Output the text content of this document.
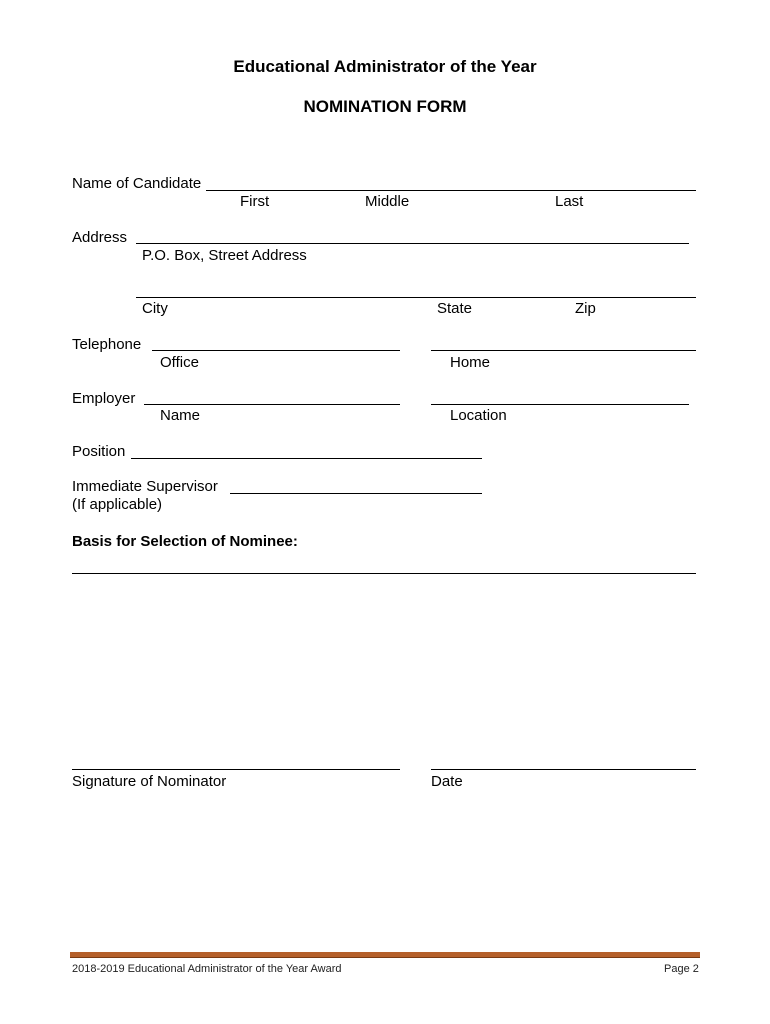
Educational Administrator of the Year
NOMINATION FORM
Name of Candidate
First	Middle	Last
Address
P.O. Box, Street Address
City	State	Zip
Telephone
Office	Home
Employer
Name	Location
Position
Immediate Supervisor
(If applicable)
Basis for Selection of Nominee:
Signature of Nominator	Date
2018-2019 Educational Administrator of the Year Award	Page 2
